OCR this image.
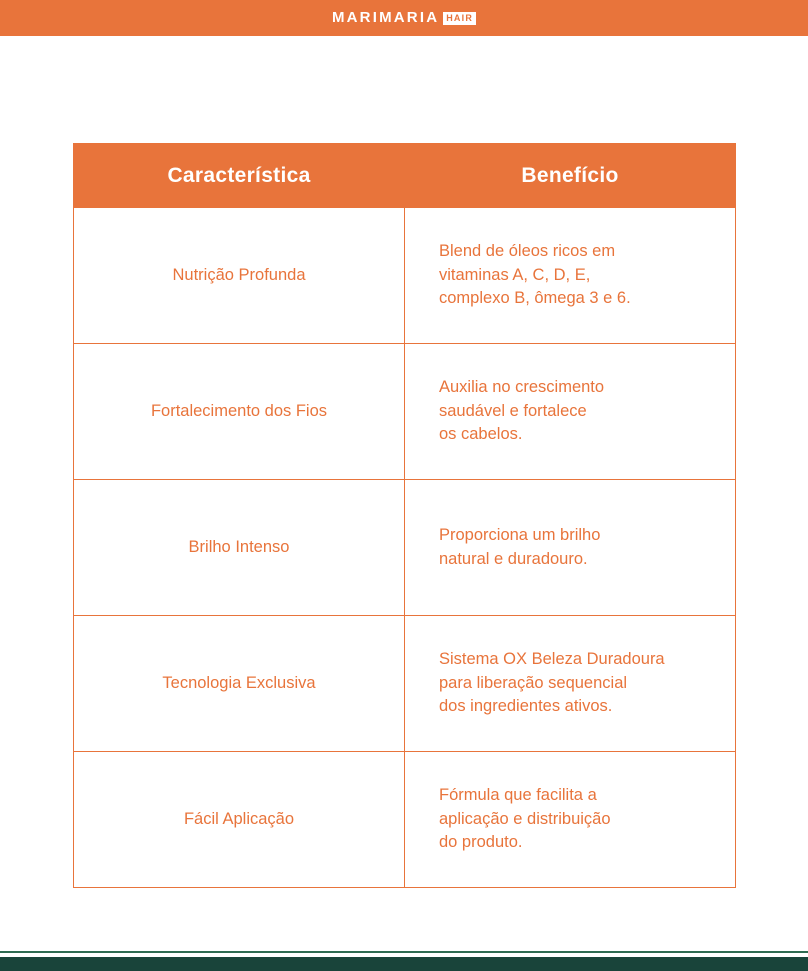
MARIMARIA HAIR
Característica	Benefício
Nutrição Profunda	Blend de óleos ricos em
vitaminas A, C, D, E,
complexo B, ômega 3 e 6.

Fortalecimento dos Fios	Auxilia no crescimento
saudável e fortalece
os cabelos.

Brilho Intenso	Proporciona um brilho
natural e duradouro.

Tecnologia Exclusiva	Sistema OX Beleza Duradoura
para liberação sequencial
dos ingredientes ativos.

Fácil Aplicação	Fórmula que facilita a
aplicação e distribuição
do produto.
